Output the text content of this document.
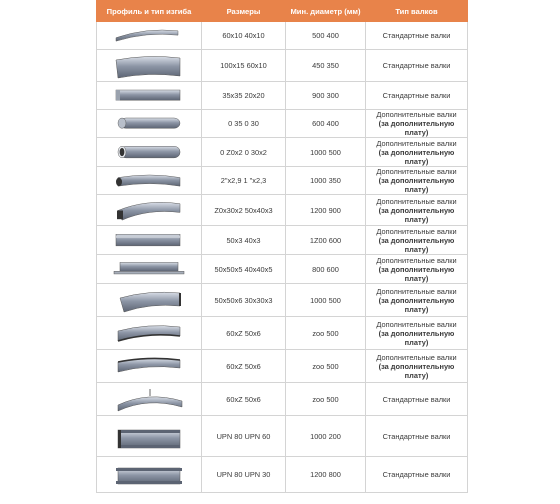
Профиль и тип изгиба	Размеры	Мин. диаметр (мм)	Тип валков

	60x10 40x10	500 400	Стандартные валки

	100x15 60x10	450 350	Стандартные валки

	35x35 20x20	900 300	Стандартные валки

	0 35 0 30	600 400	Дополнительные валки
(за дополнительную плату)

	0 Z0x2 0 30x2	1000 500	Дополнительные валки
(за дополнительную плату)

	2"x2,9 1 "x2,3	1000 350	Дополнительные валки
(за дополнительную плату)

	Z0x30x2 50x40x3	1200 900	Дополнительные валки
(за дополнительную плату)

	50x3 40x3	1Z00 600	Дополнительные валки
(за дополнительную плату)

	50x50x5 40x40x5	800 600	Дополнительные валки
(за дополнительную плату)

	50x50x6 30x30x3	1000 500	Дополнительные валки
(за дополнительную плату)

	60xZ 50x6	zoo 500	Дополнительные валки
(за дополнительную плату)

	60xZ 50x6	zoo 500	Дополнительные валки
(за дополнительную плату)

	60xZ 50x6	zoo 500	Стандартные валки

	UPN 80 UPN 60	1000 200	Стандартные валки

	UPN 80 UPN 30	1200 800	Стандартные валки
